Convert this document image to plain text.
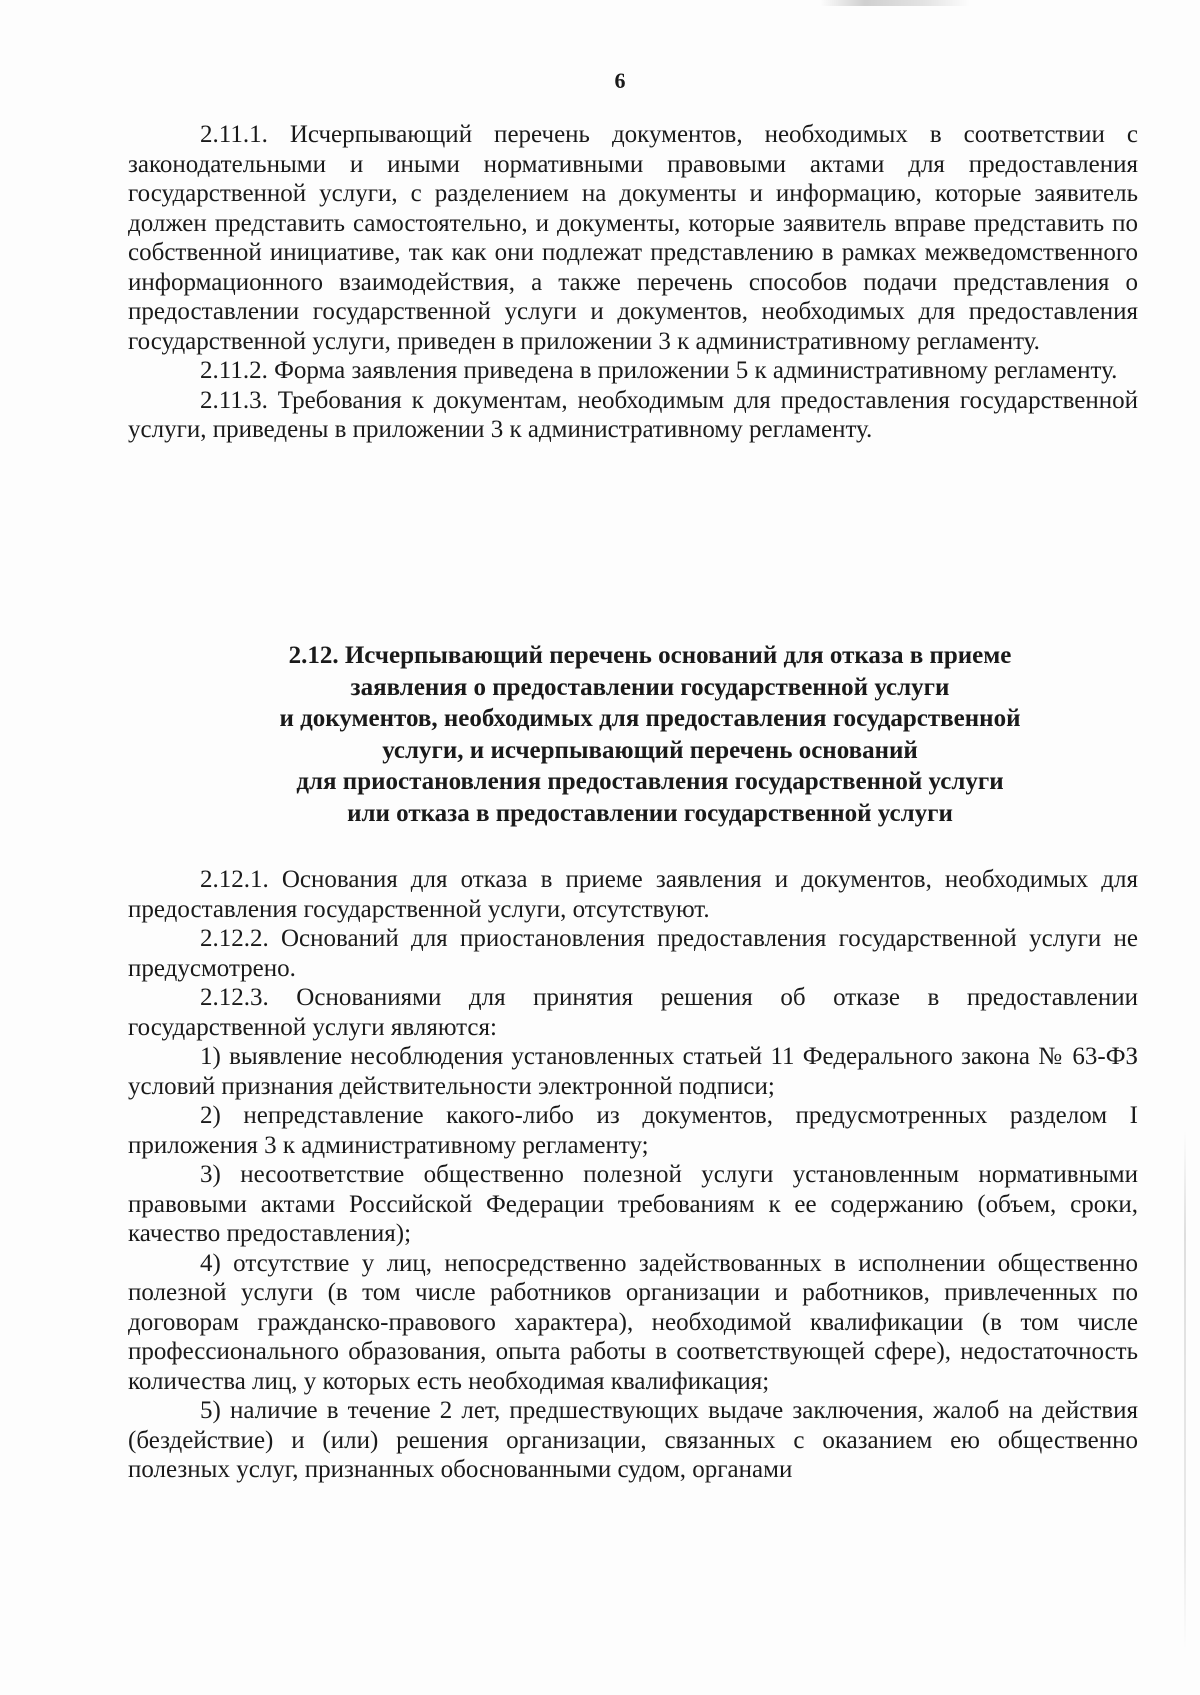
6

2.11.1. Исчерпывающий перечень документов, необходимых в соответствии с законодательными и иными нормативными правовыми актами для предоставления государственной услуги, с разделением на документы и информацию, которые заявитель должен представить самостоятельно, и документы, которые заявитель вправе представить по собственной инициативе, так как они подлежат представлению в рамках межведомственного информационного взаимодействия, а также перечень способов подачи представления о предоставлении государственной услуги и документов, необходимых для предоставления государственной услуги, приведен в приложении 3 к административному регламенту.

2.11.2. Форма заявления приведена в приложении 5 к административному регламенту.

2.11.3. Требования к документам, необходимым для предоставления государственной услуги, приведены в приложении 3 к административному регламенту.

2.12. Исчерпывающий перечень оснований для отказа в приеме
заявления о предоставлении государственной услуги
и документов, необходимых для предоставления государственной
услуги, и исчерпывающий перечень оснований
для приостановления предоставления государственной услуги
или отказа в предоставлении государственной услуги

2.12.1. Основания для отказа в приеме заявления и документов, необходимых для предоставления государственной услуги, отсутствуют.

2.12.2. Оснований для приостановления предоставления государственной услуги не предусмотрено.

2.12.3. Основаниями для принятия решения об отказе в предоставлении государственной услуги являются:

1) выявление несоблюдения установленных статьей 11 Федерального закона № 63-ФЗ условий признания действительности электронной подписи;

2) непредставление какого-либо из документов, предусмотренных разделом I приложения 3 к административному регламенту;

3) несоответствие общественно полезной услуги установленным нормативными правовыми актами Российской Федерации требованиям к ее содержанию (объем, сроки, качество предоставления);

4) отсутствие у лиц, непосредственно задействованных в исполнении общественно полезной услуги (в том числе работников организации и работников, привлеченных по договорам гражданско-правового характера), необходимой квалификации (в том числе профессионального образования, опыта работы в соответствующей сфере), недостаточность количества лиц, у которых есть необходимая квалификация;

5) наличие в течение 2 лет, предшествующих выдаче заключения, жалоб на действия (бездействие) и (или) решения организации, связанных с оказанием ею общественно полезных услуг, признанных обоснованными судом, органами
